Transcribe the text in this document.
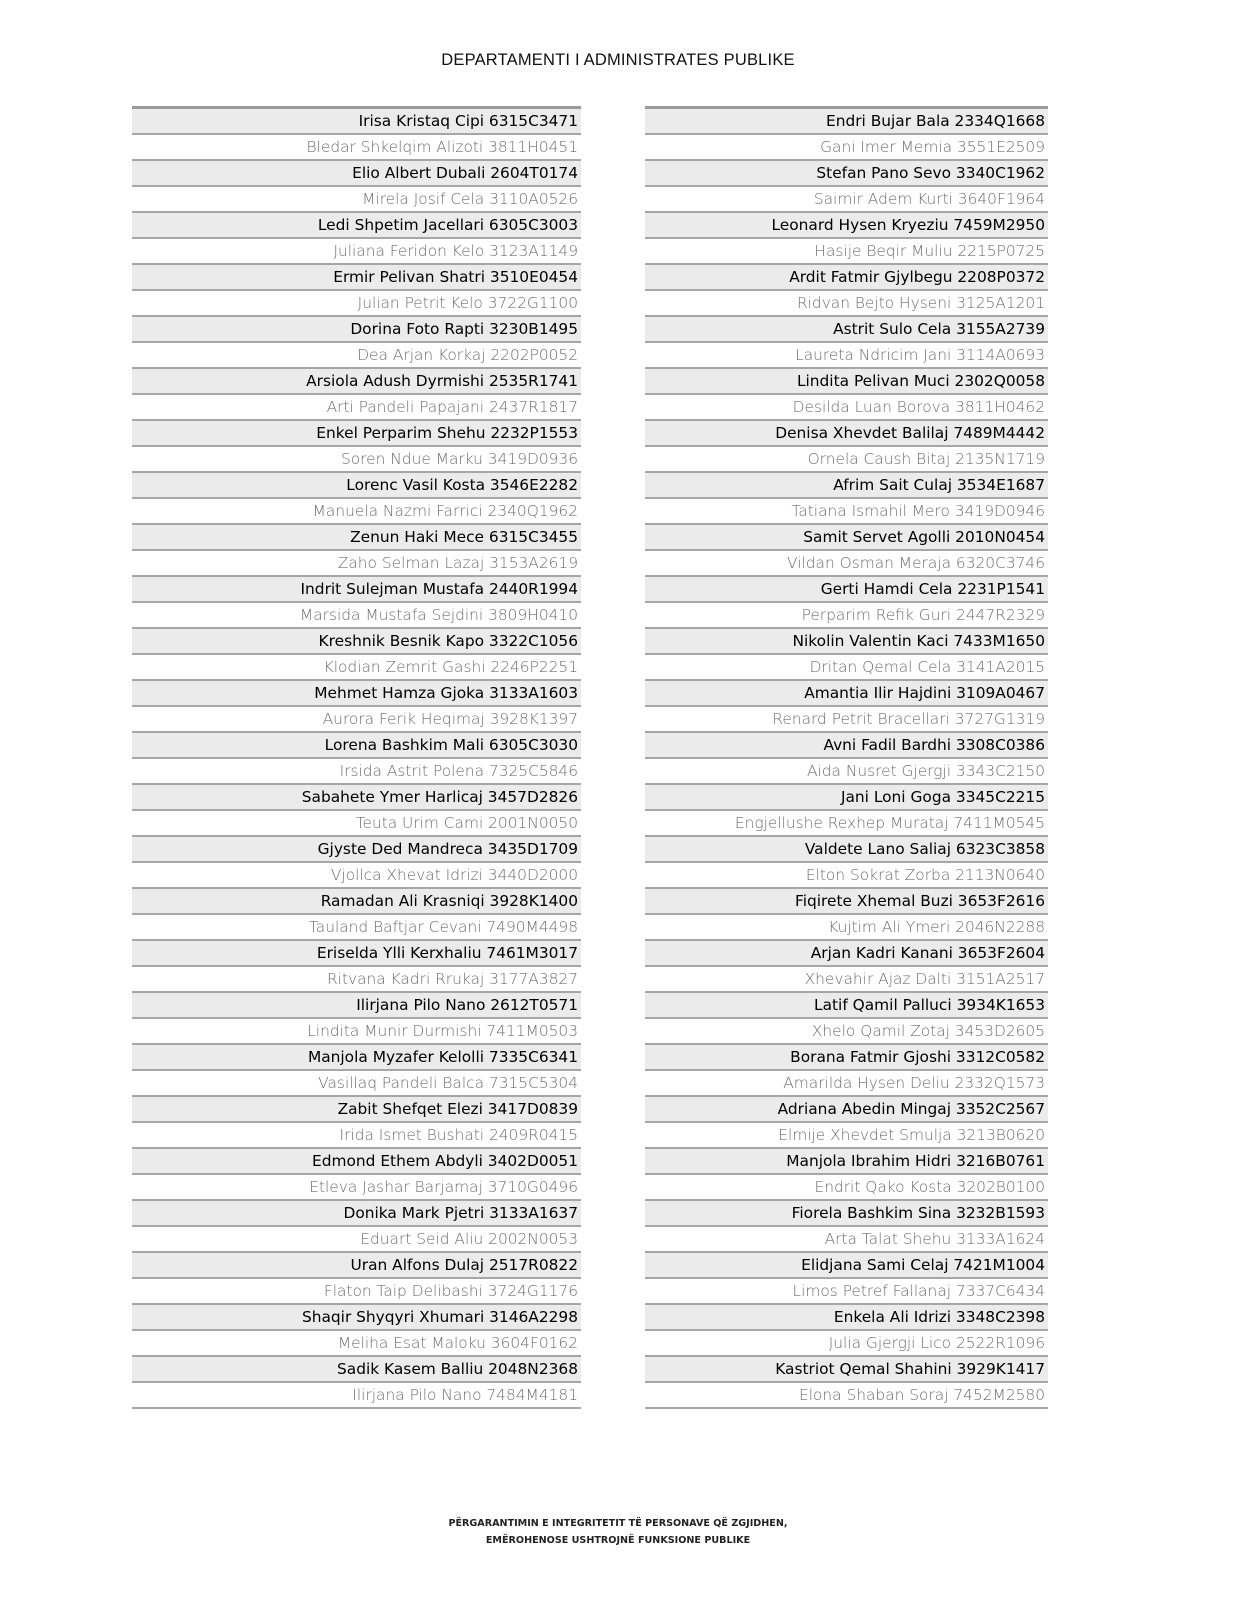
DEPARTAMENTI I ADMINISTRATES PUBLIKE
Irisa Kristaq Cipi 6315C3471
Bledar Shkelqim Alizoti 3811H0451
Elio Albert Dubali 2604T0174
Mirela Josif Cela 3110A0526
Ledi Shpetim Jacellari 6305C3003
Juliana Feridon Kelo 3123A1149
Ermir Pelivan Shatri 3510E0454
Julian Petrit Kelo 3722G1100
Dorina Foto Rapti 3230B1495
Dea Arjan Korkaj 2202P0052
Arsiola Adush Dyrmishi 2535R1741
Arti Pandeli Papajani 2437R1817
Enkel Perparim Shehu 2232P1553
Soren Ndue Marku 3419D0936
Lorenc Vasil Kosta 3546E2282
Manuela Nazmi Farrici 2340Q1962
Zenun Haki Mece 6315C3455
Zaho Selman Lazaj 3153A2619
Indrit Sulejman Mustafa 2440R1994
Marsida Mustafa Sejdini 3809H0410
Kreshnik Besnik Kapo 3322C1056
Klodian Zemrit Gashi 2246P2251
Mehmet Hamza Gjoka 3133A1603
Aurora Ferik Heqimaj 3928K1397
Lorena Bashkim Mali 6305C3030
Irsida Astrit Polena 7325C5846
Sabahete Ymer Harlicaj 3457D2826
Teuta Urim Cami 2001N0050
Gjyste Ded Mandreca 3435D1709
Vjollca Xhevat Idrizi 3440D2000
Ramadan Ali Krasniqi 3928K1400
Tauland Baftjar Cevani 7490M4498
Eriselda Ylli Kerxhaliu 7461M3017
Ritvana Kadri Rrukaj 3177A3827
Ilirjana Pilo Nano 2612T0571
Lindita Munir Durmishi 7411M0503
Manjola Myzafer Kelolli 7335C6341
Vasillaq Pandeli Balca 7315C5304
Zabit Shefqet Elezi 3417D0839
Irida Ismet Bushati 2409R0415
Edmond Ethem Abdyli 3402D0051
Etleva Jashar Barjamaj 3710G0496
Donika Mark Pjetri 3133A1637
Eduart Seid Aliu 2002N0053
Uran Alfons Dulaj 2517R0822
Flaton Taip Delibashi 3724G1176
Shaqir Shyqyri Xhumari 3146A2298
Meliha Esat Maloku 3604F0162
Sadik Kasem Balliu 2048N2368
Ilirjana Pilo Nano 7484M4181
Endri Bujar Bala 2334Q1668
Gani Imer Memia 3551E2509
Stefan Pano Sevo 3340C1962
Saimir Adem Kurti 3640F1964
Leonard Hysen Kryeziu 7459M2950
Hasije Beqir Muliu 2215P0725
Ardit Fatmir Gjylbegu 2208P0372
Ridvan Bejto Hyseni 3125A1201
Astrit Sulo Cela 3155A2739
Laureta Ndricim Jani 3114A0693
Lindita Pelivan Muci 2302Q0058
Desilda Luan Borova 3811H0462
Denisa Xhevdet Balilaj 7489M4442
Ornela Caush Bitaj 2135N1719
Afrim Sait Culaj 3534E1687
Tatiana Ismahil Mero 3419D0946
Samit Servet Agolli 2010N0454
Vildan Osman Meraja 6320C3746
Gerti Hamdi Cela 2231P1541
Perparim Refik Guri 2447R2329
Nikolin Valentin Kaci 7433M1650
Dritan Qemal Cela 3141A2015
Amantia Ilir Hajdini 3109A0467
Renard Petrit Bracellari 3727G1319
Avni Fadil Bardhi 3308C0386
Aida Nusret Gjergji 3343C2150
Jani Loni Goga 3345C2215
Engjellushe Rexhep Murataj 7411M0545
Valdete Lano Saliaj 6323C3858
Elton Sokrat Zorba 2113N0640
Fiqirete Xhemal Buzi 3653F2616
Kujtim Ali Ymeri 2046N2288
Arjan Kadri Kanani 3653F2604
Xhevahir Ajaz Dalti 3151A2517
Latif Qamil Palluci 3934K1653
Xhelo Qamil Zotaj 3453D2605
Borana Fatmir Gjoshi 3312C0582
Amarilda Hysen Deliu 2332Q1573
Adriana Abedin Mingaj 3352C2567
Elmije Xhevdet Smulja 3213B0620
Manjola Ibrahim Hidri 3216B0761
Endrit Qako Kosta 3202B0100
Fiorela Bashkim Sina 3232B1593
Arta Talat Shehu 3133A1624
Elidjana Sami Celaj 7421M1004
Limos Petref Fallanaj 7337C6434
Enkela Ali Idrizi 3348C2398
Julia Gjergji Lico 2522R1096
Kastriot Qemal Shahini 3929K1417
Elona Shaban Soraj 7452M2580
PËRGARANTIMIN E INTEGRITETIT TË PERSONAVE QË ZGJIDHEN,
EMËROHENOSE USHTROJNË FUNKSIONE PUBLIKE
